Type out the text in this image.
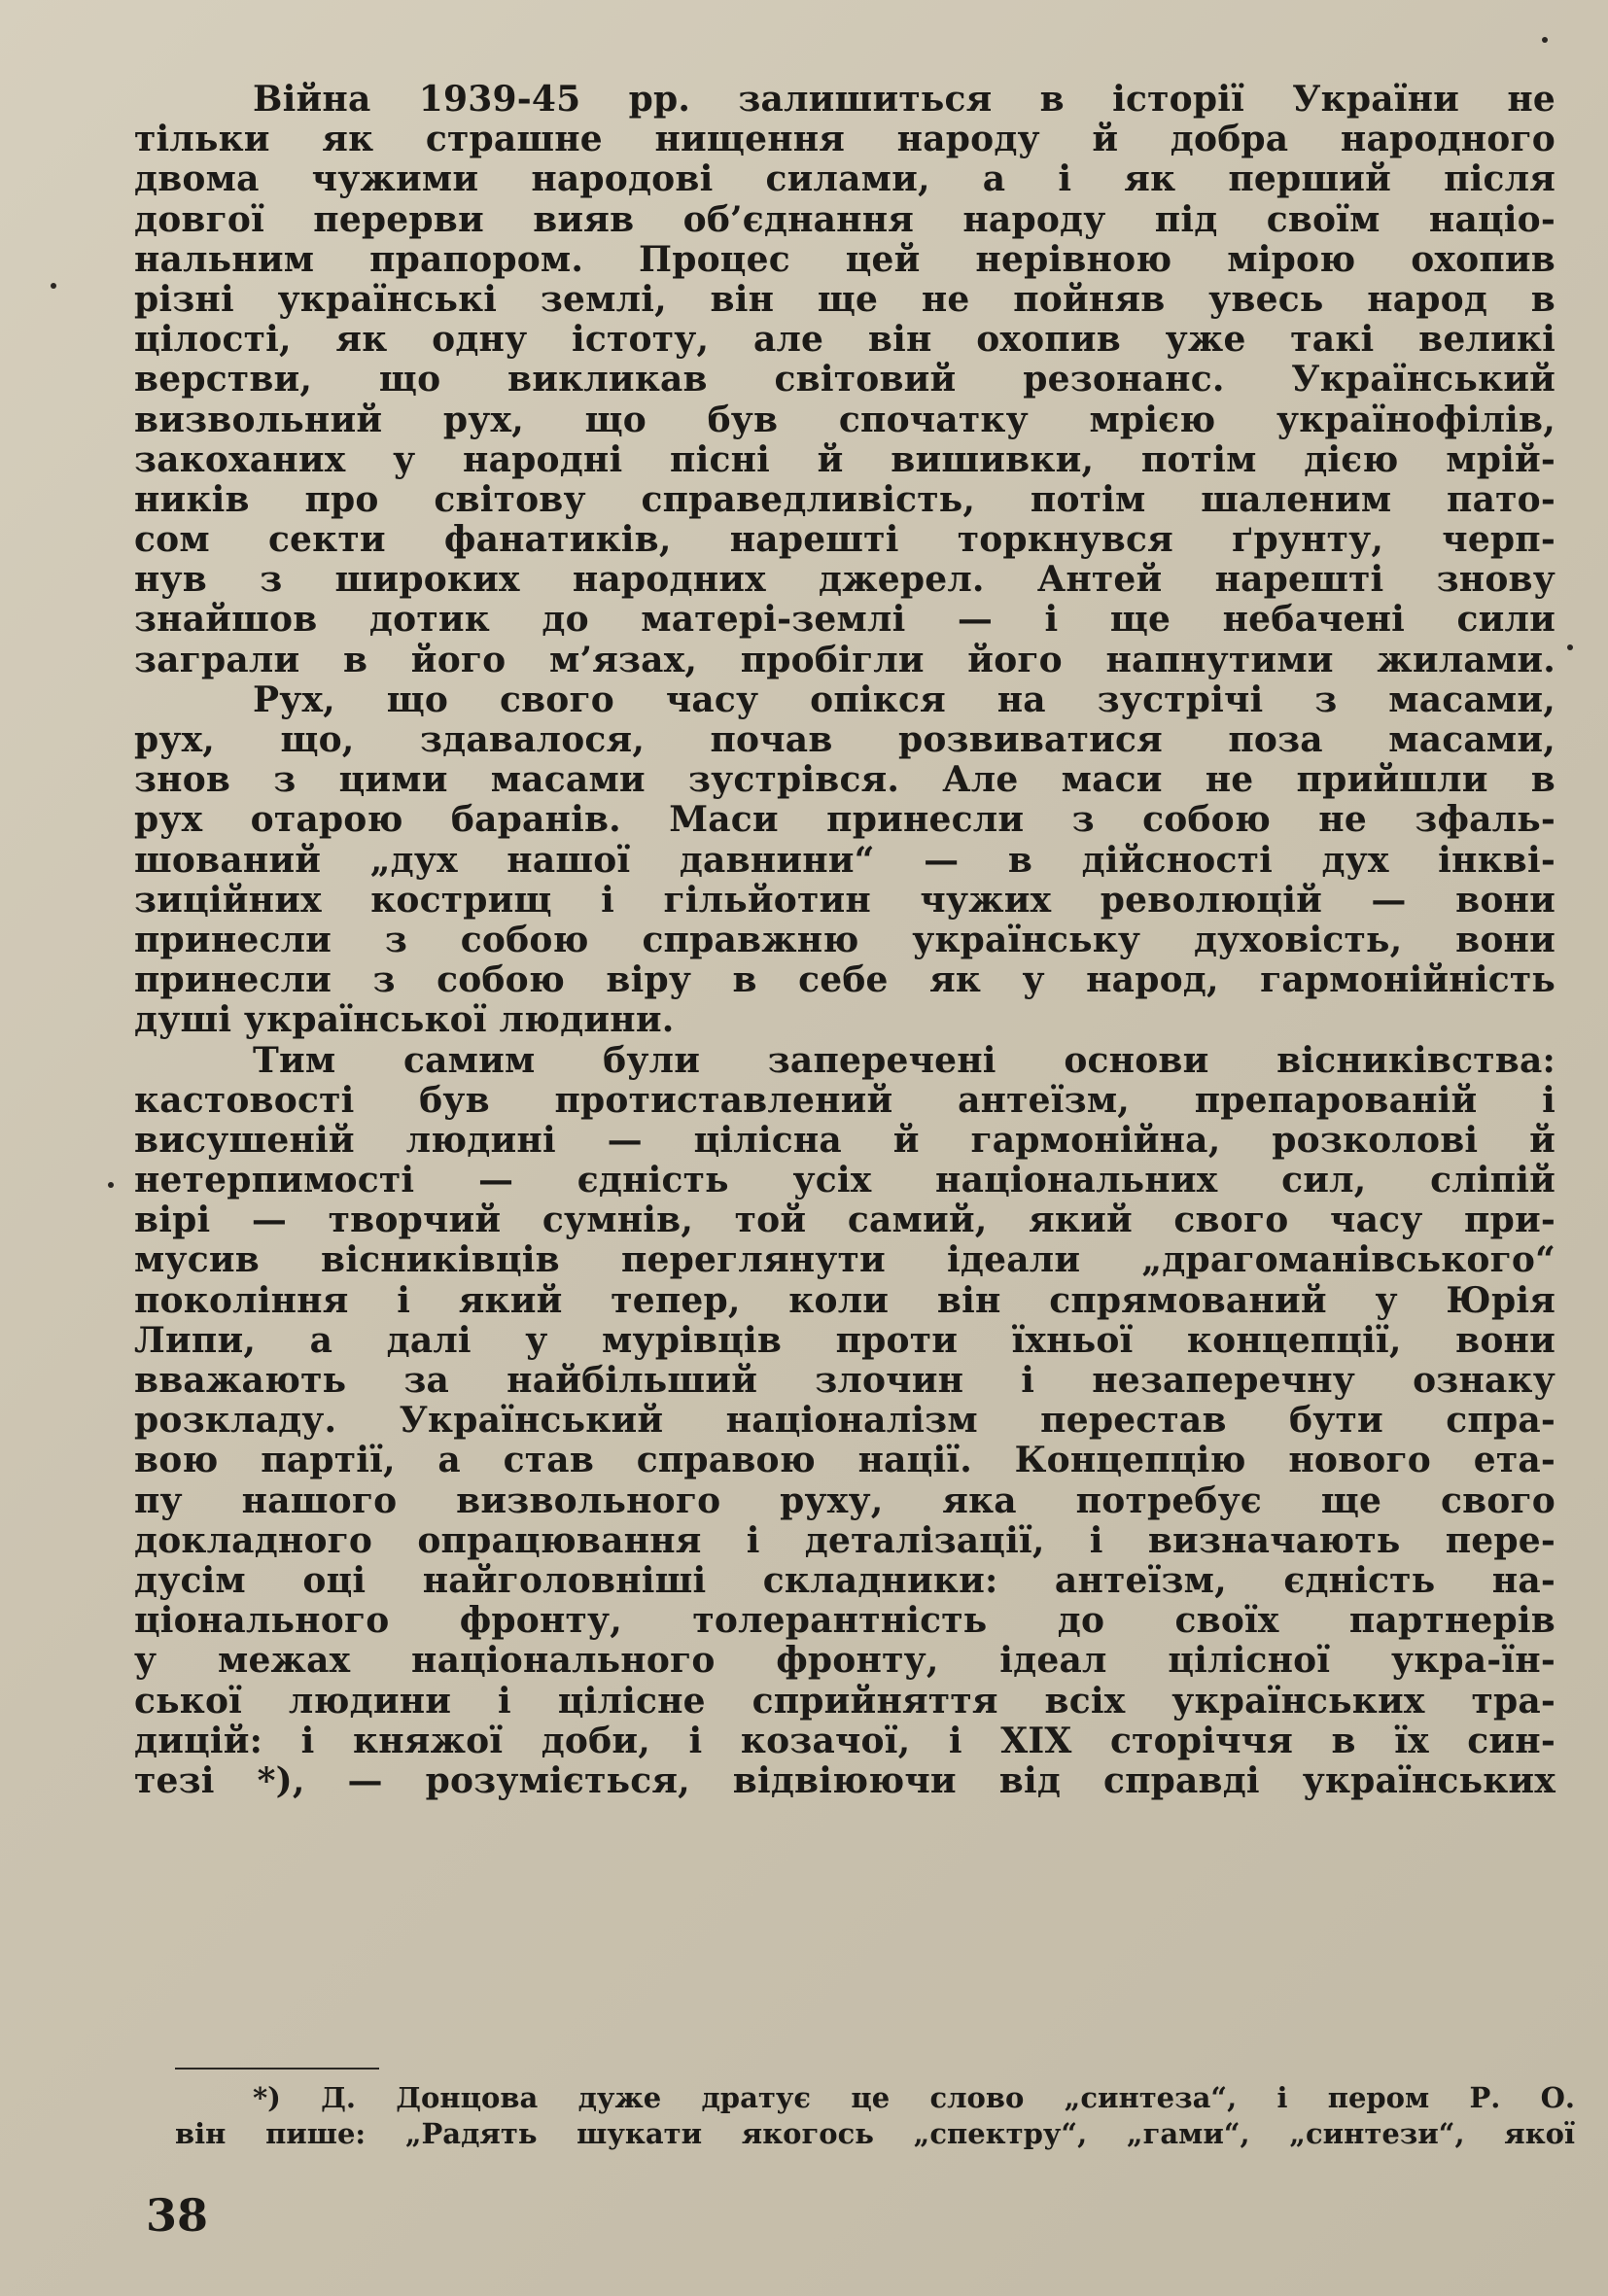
Війна 1939-45 рр. залишиться в історії України не
тільки як страшне нищення народу й добра народного
двома чужими народові силами, а і як перший після
довгої перерви вияв об’єднання народу під своїм націо-
нальним прапором. Процес цей нерівною мірою охопив
різні українські землі, він ще не пойняв увесь народ в
цілості, як одну істоту, але він охопив уже такі великі
верстви, що викликав світовий резонанс. Український
визвольний рух, що був спочатку мрією українофілів,
закоханих у народні пісні й вишивки, потім дією мрій-
ників про світову справедливість, потім шаленим пато-
сом секти фанатиків, нарешті торкнувся ґрунту, черп-
нув з широких народних джерел. Антей нарешті знову
знайшов дотик до матері-землі — і ще небачені сили
заграли в його м’язах, пробігли його напнутими жилами.
Рух, що свого часу опікся на зустрічі з масами,
рух, що, здавалося, почав розвиватися поза масами,
знов з цими масами зустрівся. Але маси не прийшли в
рух отарою баранів. Маси принесли з собою не зфаль-
шований „дух нашої давнини“ — в дійсності дух інкві-
зиційних кострищ і гільйотин чужих революцій — вони
принесли з собою справжню українську духовість, вони
принесли з собою віру в себе як у народ, гармонійність
душі української людини.
Тим самим були заперечені основи вісниківства:
кастовості був протиставлений антеїзм, препарованій і
висушеній людині — цілісна й гармонійна, розколові й
нетерпимості — єдність усіх національних сил, сліпій
вірі — творчий сумнів, той самий, який свого часу при-
мусив вісниківців переглянути ідеали „драгоманівського“
покоління і який тепер, коли він спрямований у Юрія
Липи, а далі у мурівців проти їхньої концепції, вони
вважають за найбільший злочин і незаперечну ознаку
розкладу. Український націоналізм перестав бути спра-
вою партії, а став справою нації. Концепцію нового ета-
пу нашого визвольного руху, яка потребує ще свого
докладного опрацювання і деталізації, і визначають пере-
дусім оці найголовніші складники: антеїзм, єдність на-
ціонального фронту, толерантність до своїх партнерів
у межах національного фронту, ідеал цілісної укра-їн-
ської людини і цілісне сприйняття всіх українських тра-
дицій: і княжої доби, і козачої, і XIX сторіччя в їх син-
тезі *), — розуміється, відвіюючи від справді українських
*) Д. Донцова дуже дратує це слово „синтеза“, і пером Р. О.
він пише: „Радять шукати якогось „спектру“, „гами“, „синтези“, якої
38
